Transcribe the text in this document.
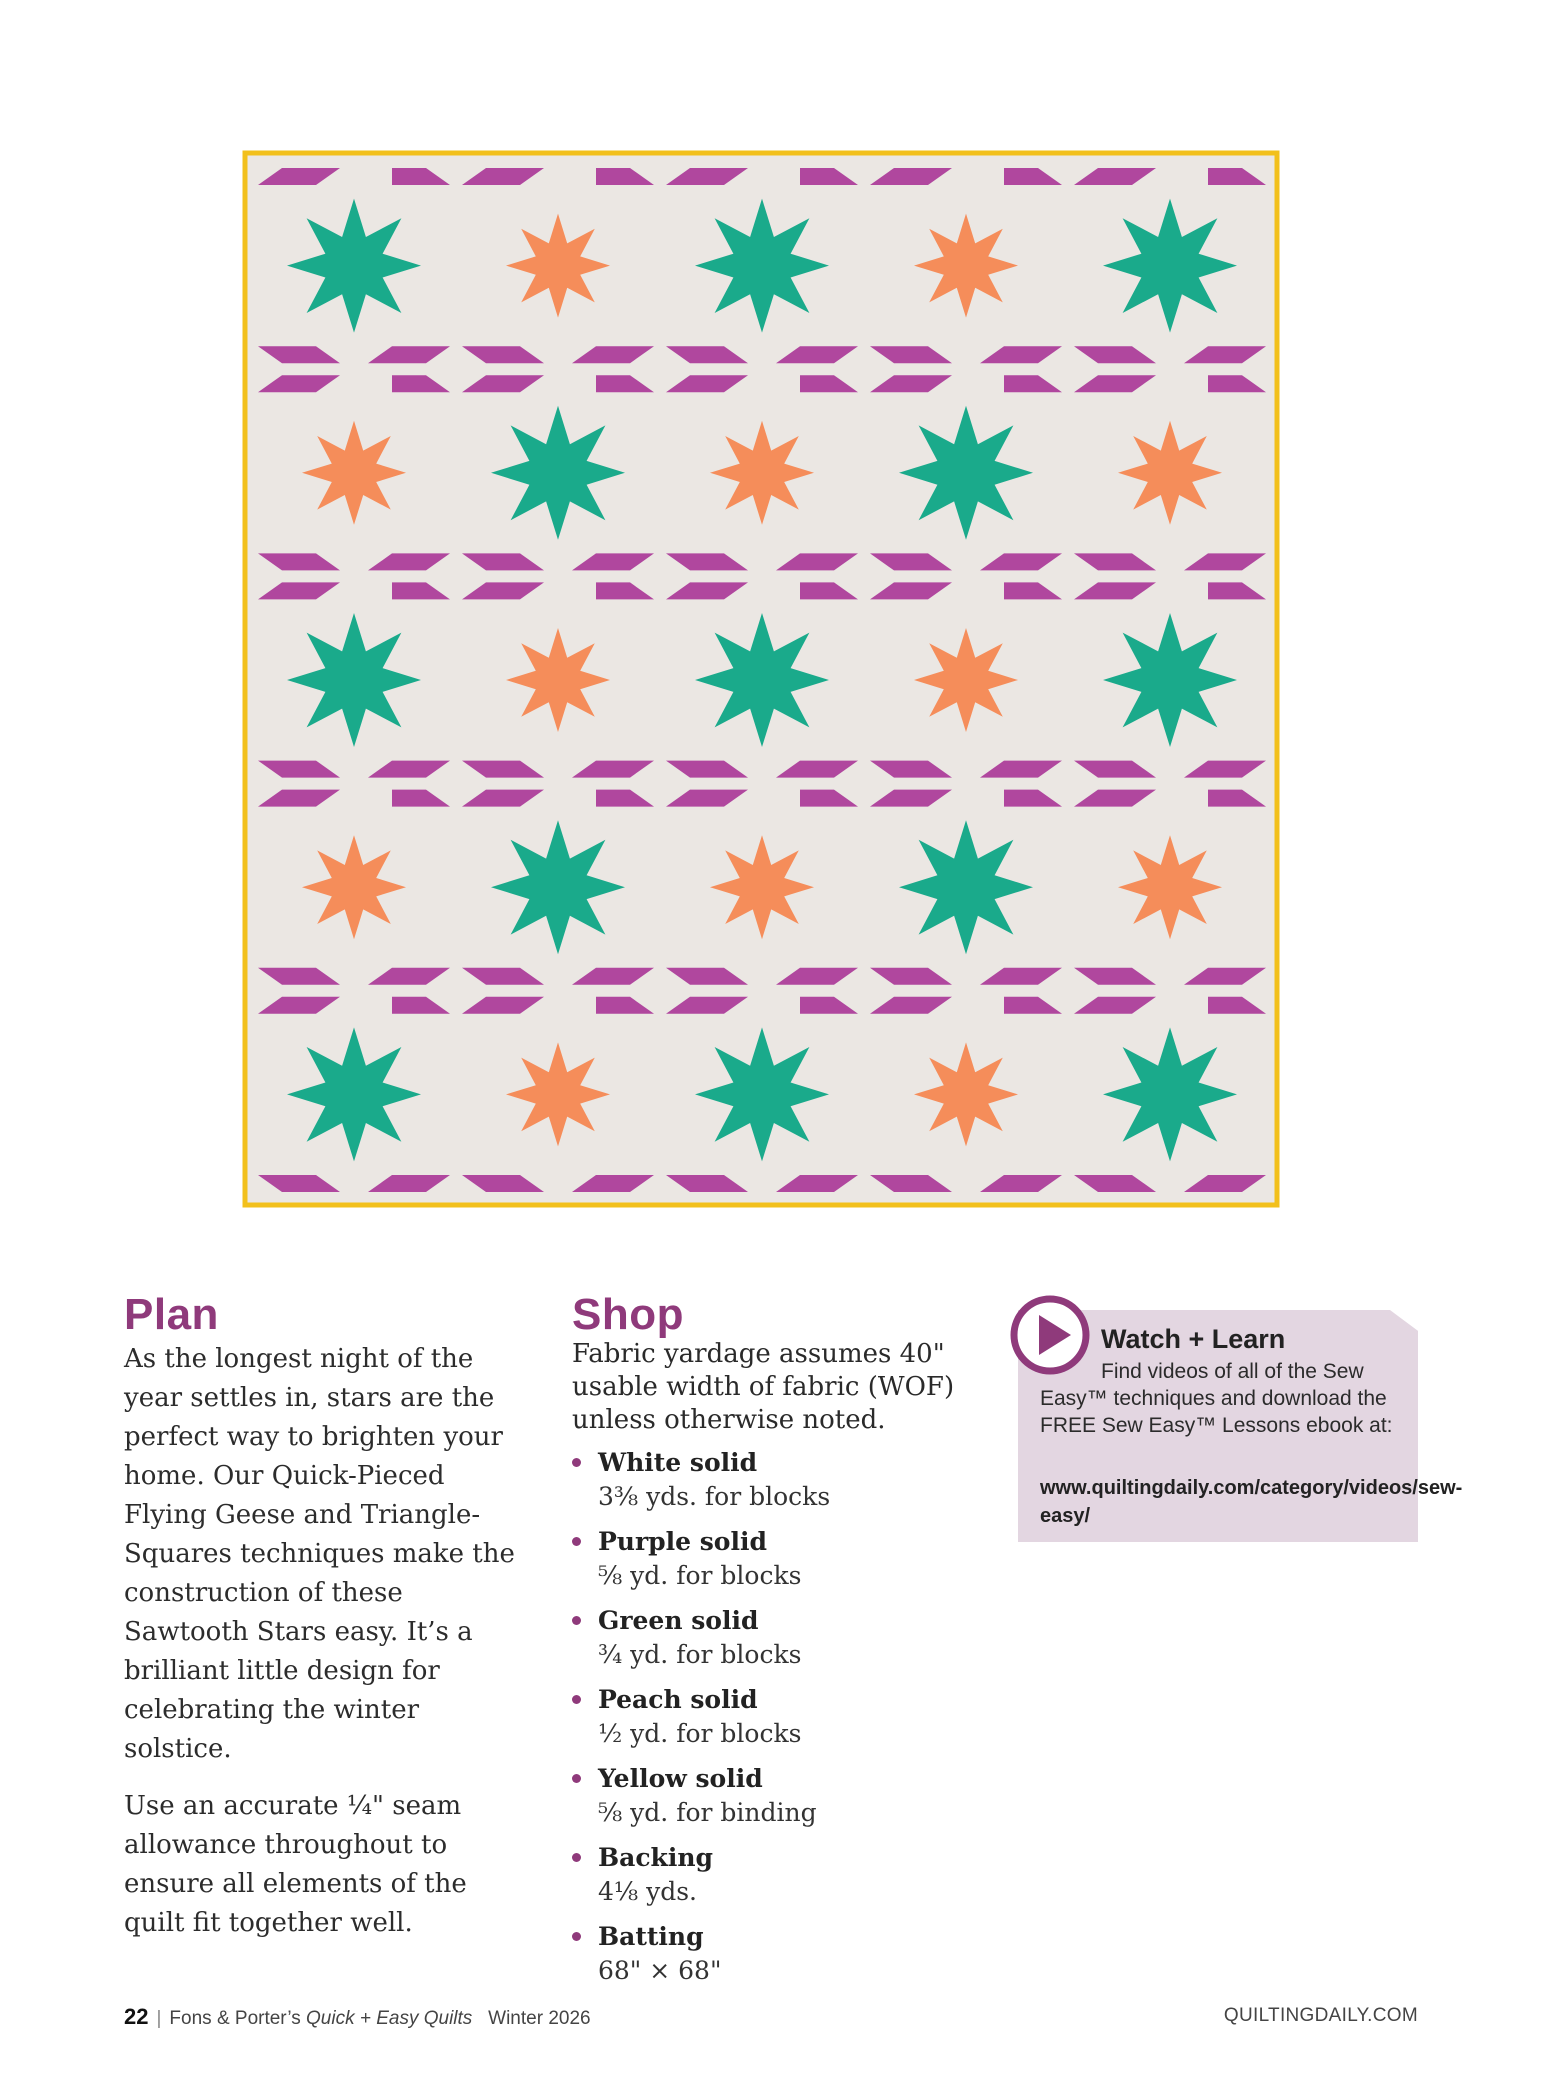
Plan

As the longest night of the year settles in, stars are the perfect way to brighten your home. Our Quick-Pieced Flying Geese and Triangle-Squares techniques make the construction of these Sawtooth Stars easy. It’s a brilliant little design for celebrating the winter solstice.

Use an accurate ¼" seam allowance throughout to ensure all elements of the quilt fit together well.

Shop

Fabric yardage assumes 40" usable width of fabric (WOF) unless otherwise noted.

White solid
3⅜ yds. for blocks
Purple solid
⅝ yd. for blocks
Green solid
¾ yd. for blocks
Peach solid
½ yd. for blocks
Yellow solid
⅝ yd. for binding
Backing
4⅛ yds.
Batting
68" × 68"
Watch + Learn

Find videos of all of the Sew Easy™ techniques and download the FREE Sew Easy™ Lessons ebook at:

www.quiltingdaily.com/category/videos/sew-easy/

22 | Fons & Porter’s Quick + Easy Quilts Winter 2026	QUILTINGDAILY.COM
